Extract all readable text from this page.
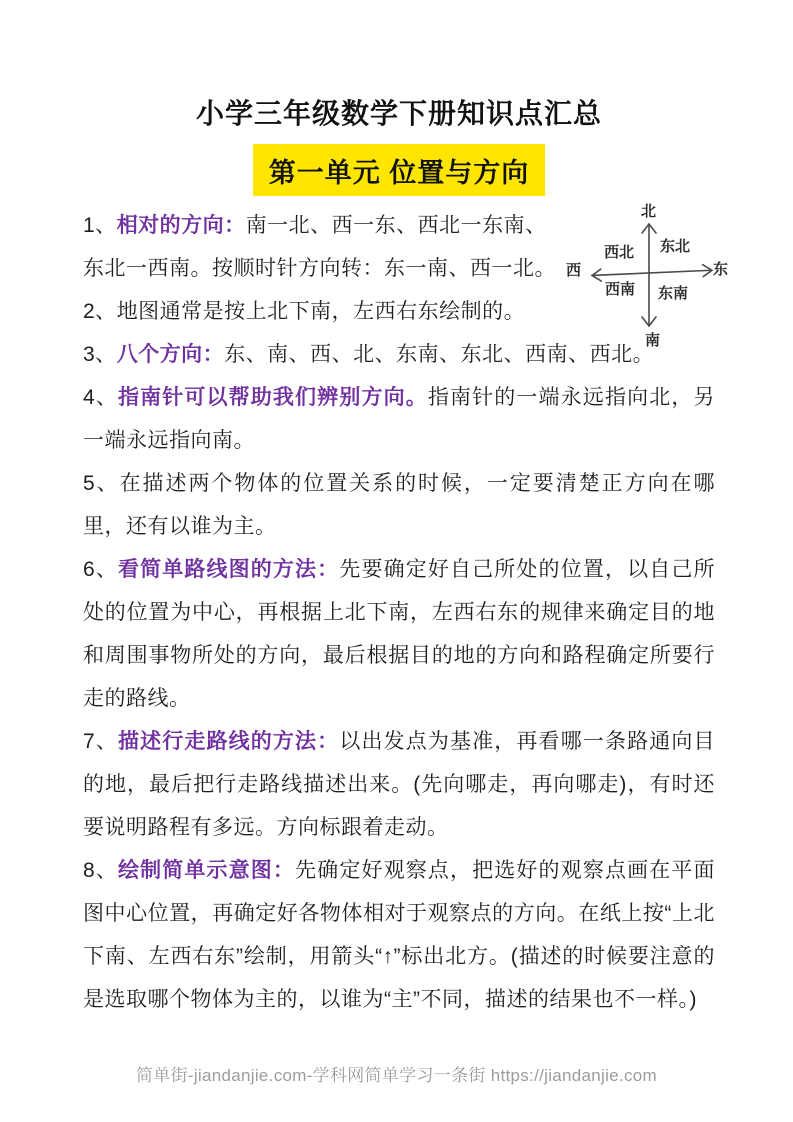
小学三年级数学下册知识点汇总
第一单元 位置与方向

1、相对的方向：南一北、西一东、西北一东南、东北一西南。按顺时针方向转：东一南、西一北。

2、地图通常是按上北下南，左西右东绘制的。

3、八个方向：东、南、西、北、东南、东北、西南、西北。

4、指南针可以帮助我们辨别方向。指南针的一端永远指向北，另一端永远指向南。

5、在描述两个物体的位置关系的时候，一定要清楚正方向在哪里，还有以谁为主。

6、看简单路线图的方法：先要确定好自己所处的位置，以自己所处的位置为中心，再根据上北下南，左西右东的规律来确定目的地和周围事物所处的方向，最后根据目的地的方向和路程确定所要行走的路线。

7、描述行走路线的方法：以出发点为基准，再看哪一条路通向目的地，最后把行走路线描述出来。(先向哪走，再向哪走)，有时还要说明路程有多远。方向标跟着走动。

8、绘制简单示意图：先确定好观察点，把选好的观察点画在平面图中心位置，再确定好各物体相对于观察点的方向。在纸上按“上北下南、左西右东”绘制，用箭头“↑”标出北方。(描述的时候要注意的是选取哪个物体为主的，以谁为“主”不同，描述的结果也不一样。)

北
南
西	东
西北 东北
西南 东南
简单街-jiandanjie.com-学科网简单学习一条街 https://jiandanjie.com
